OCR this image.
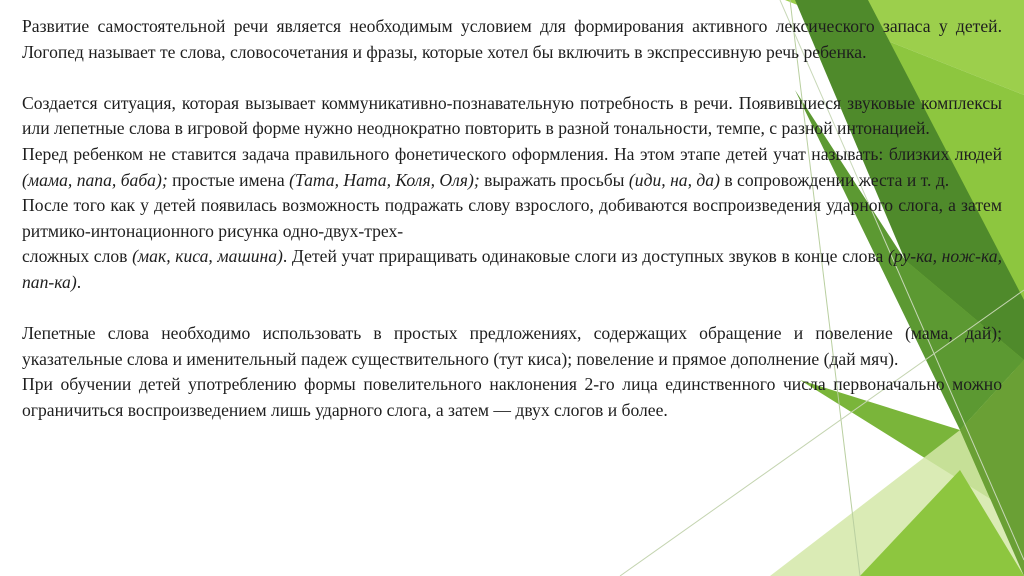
Развитие самостоятельной речи является необходимым условием для формирования активного лексического запаса у детей. Логопед называет те слова, словосочетания и фразы, которые хотел бы включить в экспрессивную речь ребенка.

Создается ситуация, которая вызывает коммуникативно-познавательную потребность в речи. Появившиеся звуковые комплексы или лепетные слова в игровой форме нужно неоднократно повторить в разной тональности, темпе, с разной интонацией.

Перед ребенком не ставится задача правильного фонетического оформления. На этом этапе детей учат называть: близких людей (мама, папа, баба); простые имена (Тата, Ната, Коля, Оля); выражать просьбы (иди, на, да) в сопровождении жеста и т. д.

После того как у детей появилась возможность подражать слову взрослого, добиваются воспроизведения ударного слога, а затем ритмико-интонационного рисунка одно-двух-трех-

сложных слов (мак, киса, машина). Детей учат приращивать одинаковые слоги из доступных звуков в конце слова (ру-ка, нож-ка, пап-ка).

Лепетные слова необходимо использовать в простых предложениях, содержащих обращение и повеление (мама, дай); указательные слова и именительный падеж существительного (тут киса); повеление и прямое дополнение (дай мяч).

При обучении детей употреблению формы повелительного наклонения 2-го лица единственного числа первоначально можно ограничиться воспроизведением лишь ударного слога, а затем — двух слогов и более.
